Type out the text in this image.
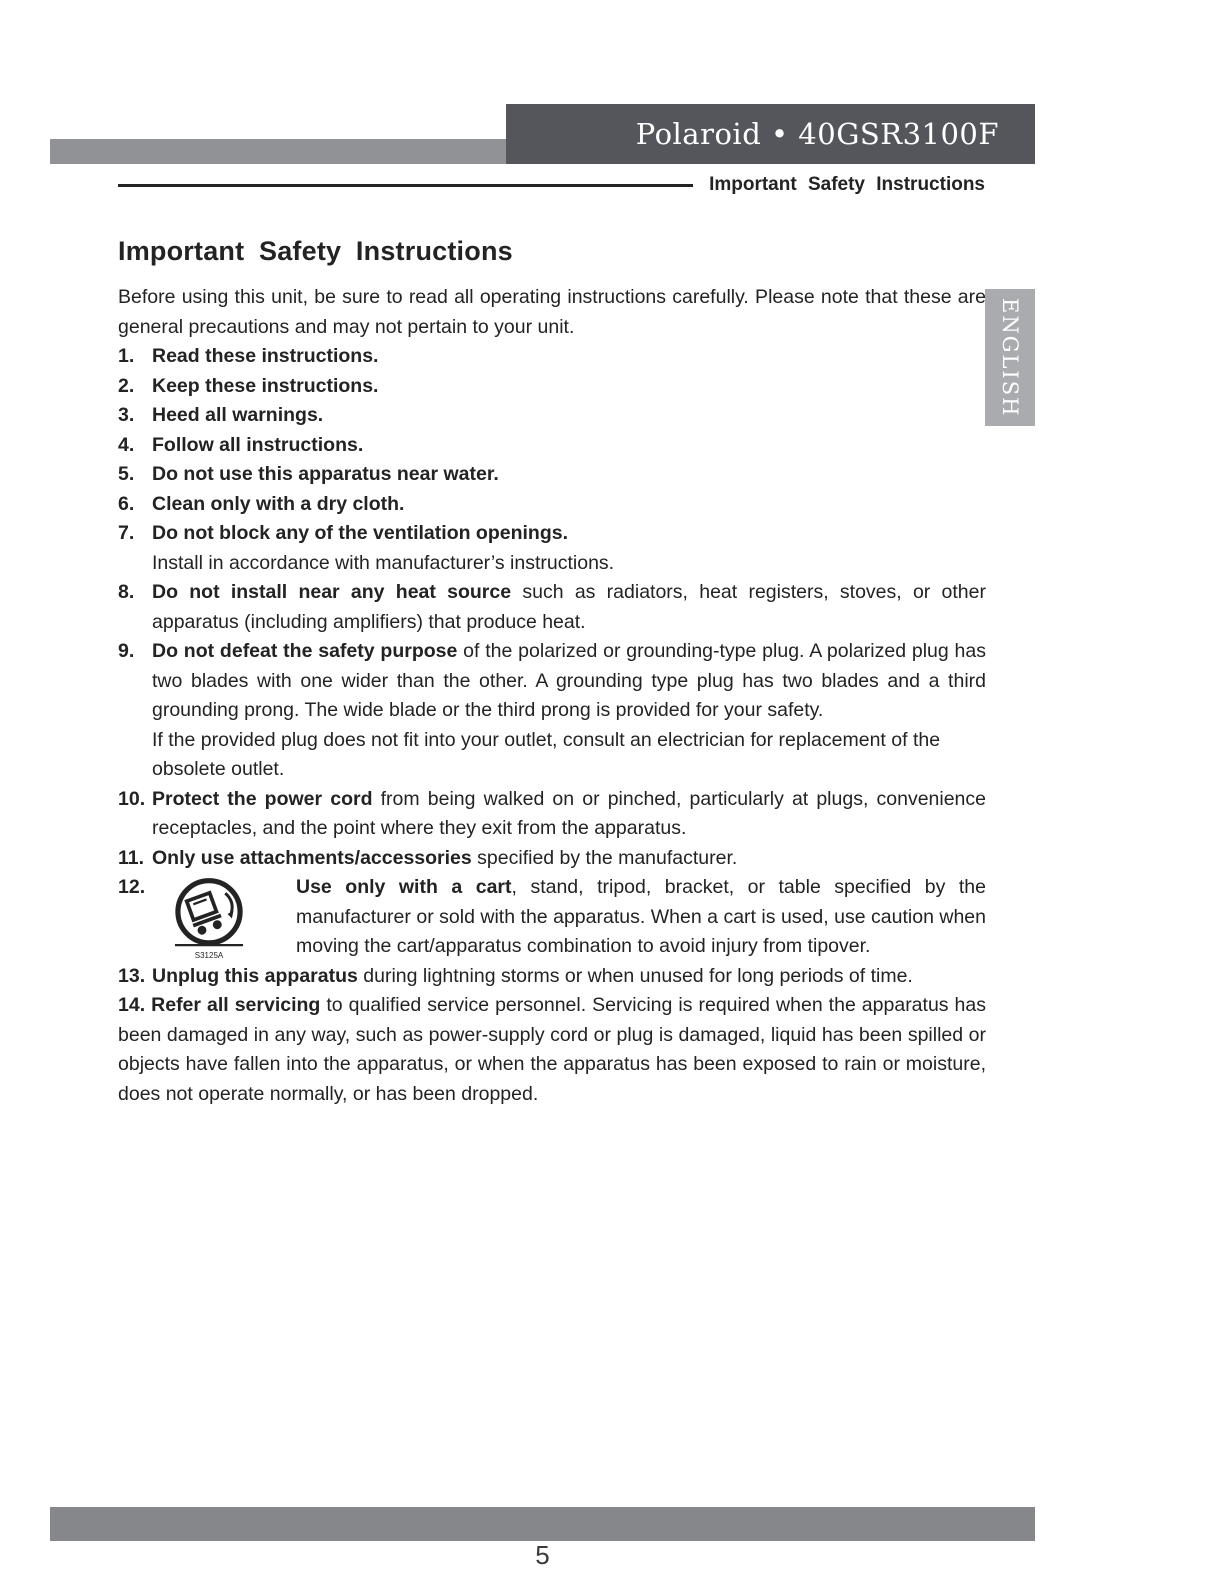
Polaroid • 40GSR3100F
Important Safety Instructions
ENGLISH
Important Safety Instructions

Before using this unit, be sure to read all operating instructions carefully. Please note that these are general precautions and may not pertain to your unit.

1. Read these instructions.
2. Keep these instructions.
3. Heed all warnings.
4. Follow all instructions.
5. Do not use this apparatus near water.
6. Clean only with a dry cloth.
7. Do not block any of the ventilation openings.
Install in accordance with manufacturer’s instructions.
8. Do not install near any heat source such as radiators, heat registers, stoves, or other apparatus (including amplifiers) that produce heat.
9. Do not defeat the safety purpose of the polarized or grounding-type plug. A polarized plug has two blades with one wider than the other. A grounding type plug has two blades and a third grounding prong. The wide blade or the third prong is provided for your safety.
If the provided plug does not fit into your outlet, consult an electrician for replacement of the obsolete outlet.
10. Protect the power cord from being walked on or pinched, particularly at plugs, convenience receptacles, and the point where they exit from the apparatus.
11. Only use attachments/accessories specified by the manufacturer.
12.
S3125A
Use only with a cart, stand, tripod, bracket, or table specified by the manufacturer or sold with the apparatus. When a cart is used, use caution when moving the cart/apparatus combination to avoid injury from tipover.
13. Unplug this apparatus during lightning storms or when unused for long periods of time.
14. Refer all servicing to qualified service personnel. Servicing is required when the apparatus has been damaged in any way, such as power-supply cord or plug is damaged, liquid has been spilled or objects have fallen into the apparatus, or when the apparatus has been exposed to rain or moisture, does not operate normally, or has been dropped.
5
